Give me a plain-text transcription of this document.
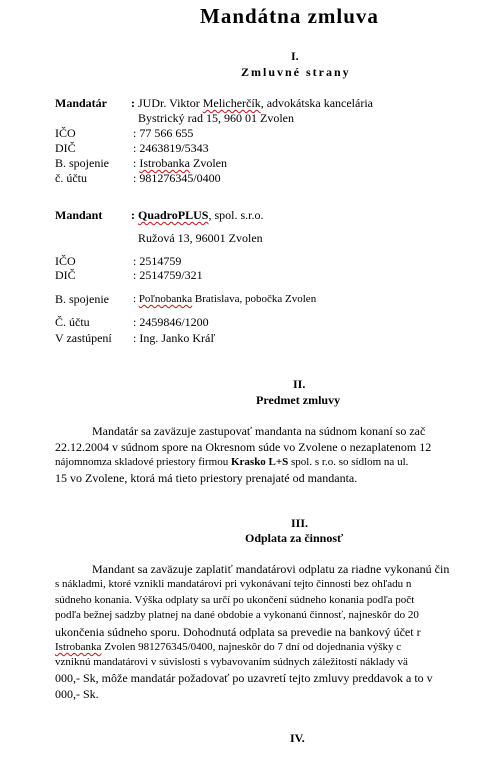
Mandátna zmluva
I.
Zmluvné strany
Mandatár : JUDr. Viktor Melicherčík, advokátska kancelária
Bystrický rad 15, 960 01 Zvolen
IČO	: 77 566 655
DIČ	: 2463819/5343
B. spojenie : Istrobanka Zvolen
č. účtu	: 981276345/0400
Mandant : QuadroPLUS, spol. s.r.o.
Ružová 13, 96001 Zvolen
IČO	: 2514759
DIČ	: 2514759/321
B. spojenie : Poľnobanka Bratislava, pobočka Zvolen
Č. účtu	: 2459846/1200
V zastúpení : Ing. Janko Kráľ
II.
Predmet zmluvy
Mandatár sa zaväzuje zastupovať mandanta na súdnom konaní so zač
22.12.2004 v súdnom spore na Okresnom súde vo Zvolene o nezaplatenom 12
nájomnomza skladové priestory firmou Krasko L+S spol. s r.o. so sídlom na ul.
15 vo Zvolene, ktorá má tieto priestory prenajaté od mandanta.
III.
Odplata za činnosť
Mandant sa zaväzuje zaplatiť mandatárovi odplatu za riadne vykonanú čin
s nákladmi, ktoré vznikli mandatárovi pri vykonávaní tejto činnosti bez ohľadu n
súdneho konania. Výška odplaty sa určí po ukončení súdneho konania podľa počt
podľa bežnej sadzby platnej na dané obdobie a vykonanú činnosť, najneskôr do 20
ukončenia súdneho sporu. Dohodnutá odplata sa prevedie na bankový účet r
Istrobanka Zvolen 981276345/0400, najneskôr do 7 dní od dojednania výšky c
vzniknú mandatárovi v súvislosti s vybavovaním súdnych záležitostí náklady vä
000,- Sk, môže mandatár požadovať po uzavretí tejto zmluvy preddavok a to v
000,- Sk.
IV.
